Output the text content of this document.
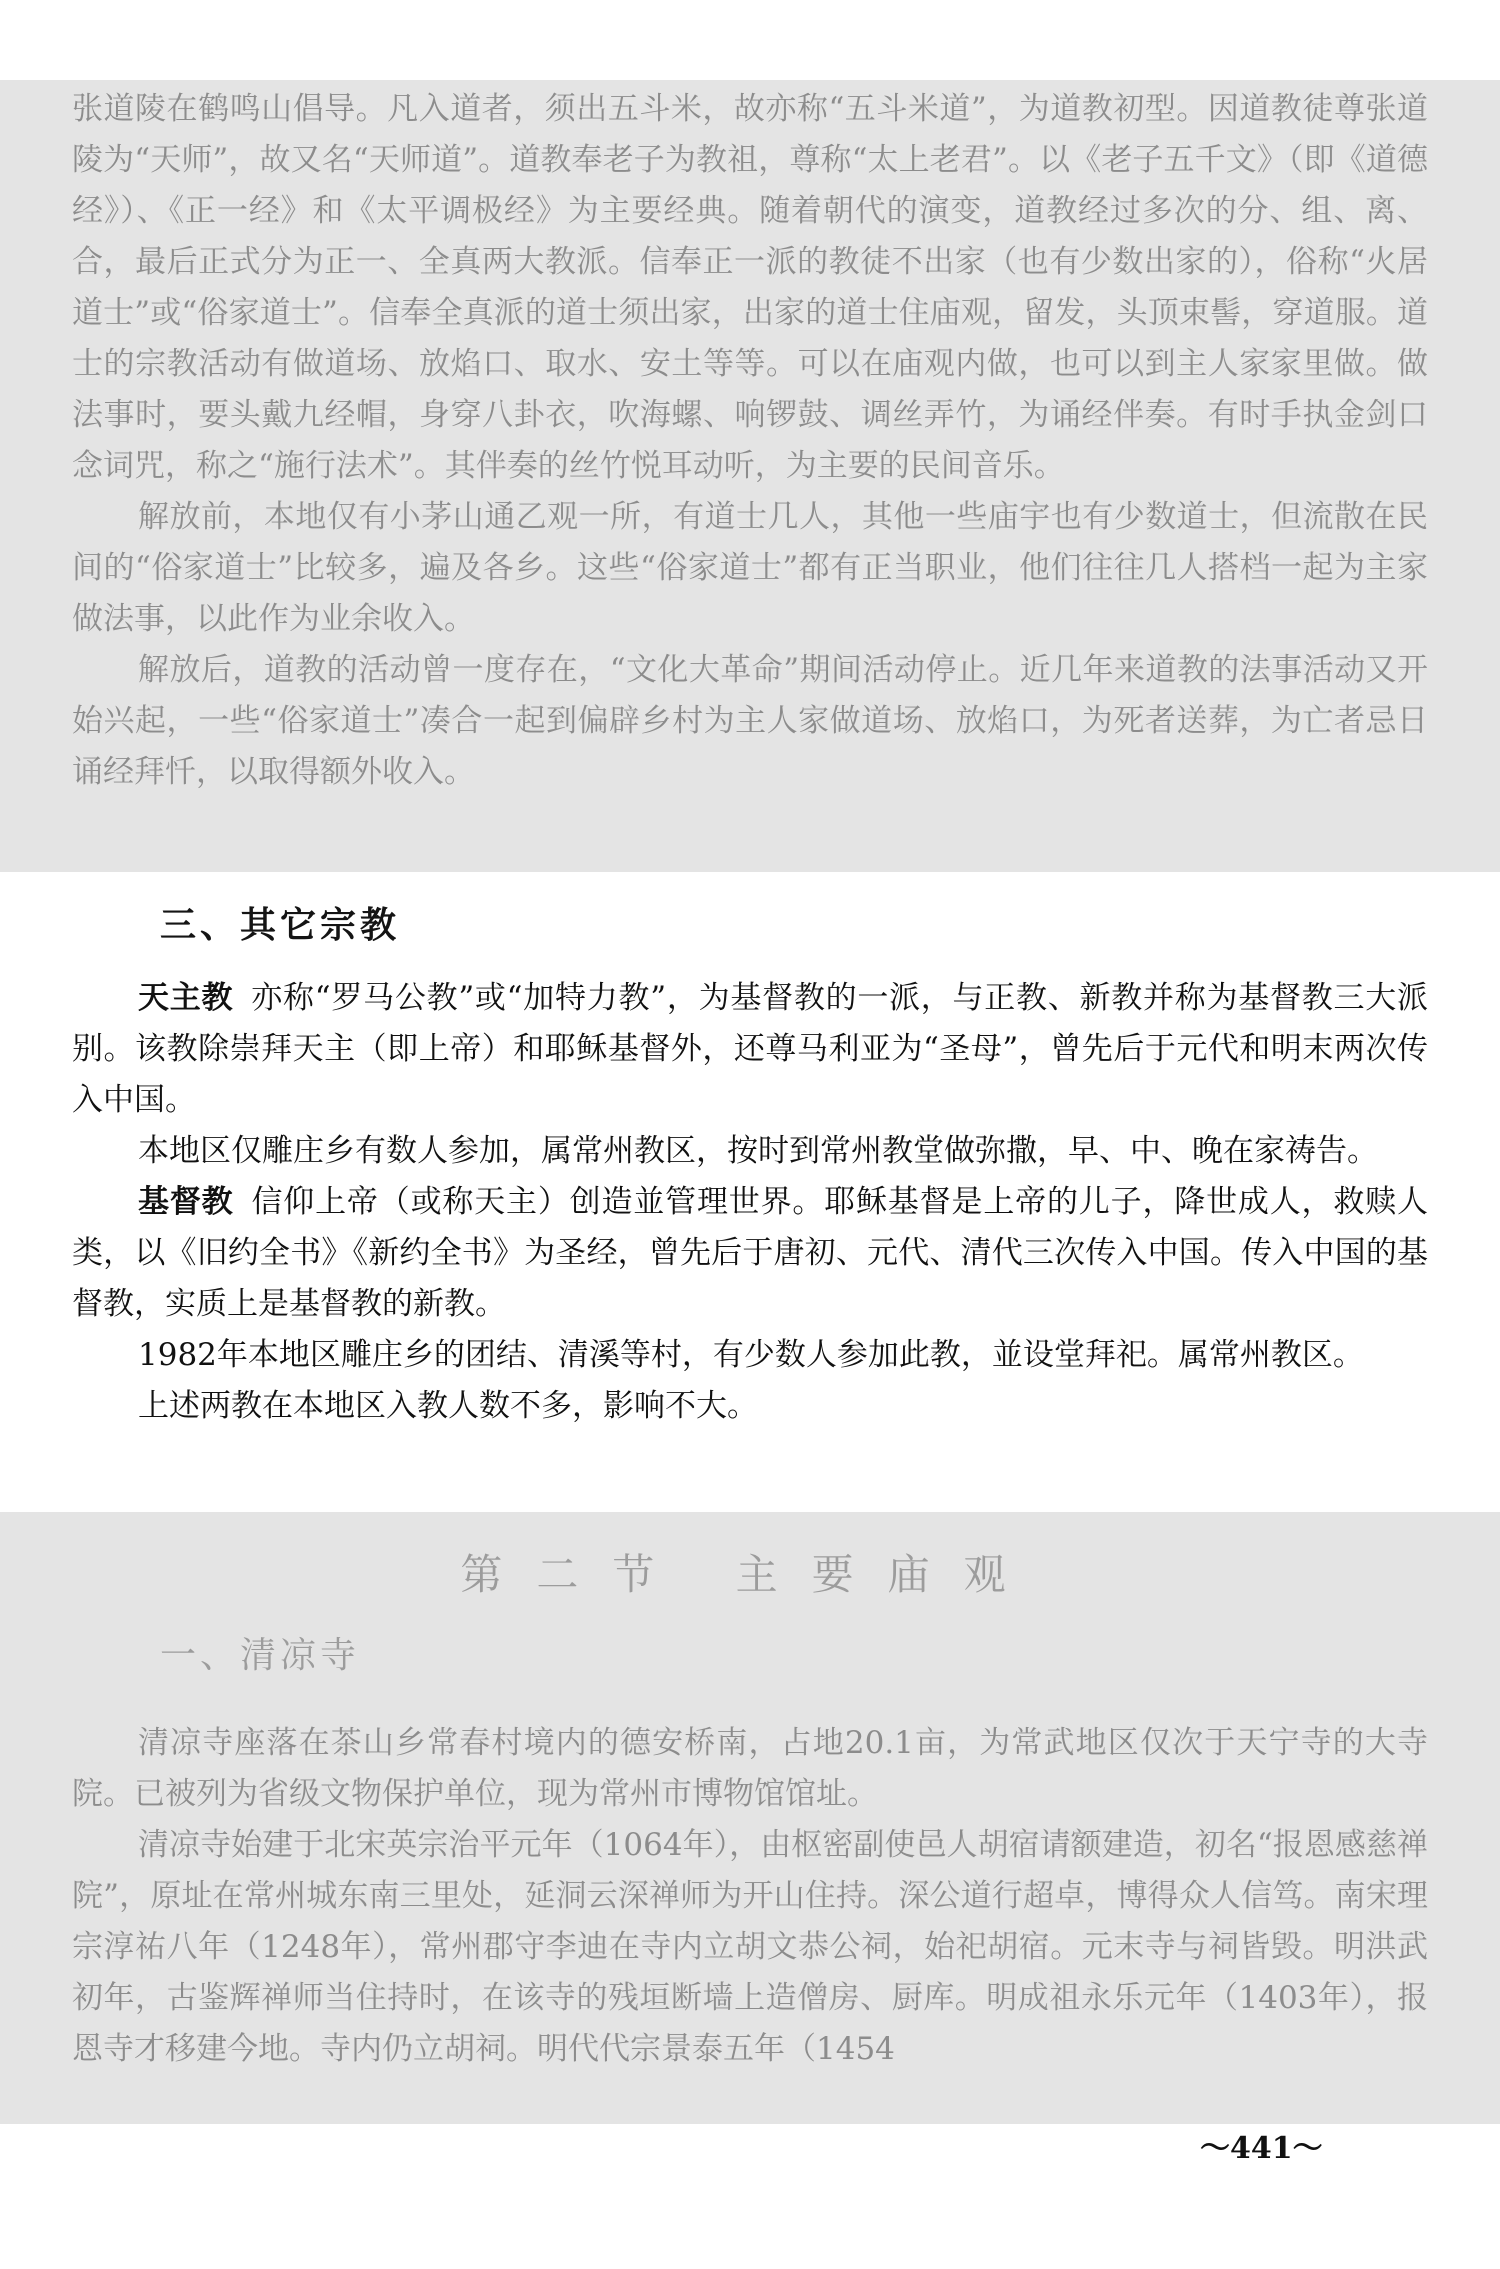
张道陵在鹤鸣山倡导。凡入道者，须出五斗米，故亦称“五斗米道”，为道教初型。因道教徒尊张道陵为“天师”，故又名“天师道”。道教奉老子为教祖，尊称“太上老君”。以《老子五千文》（即《道德经》）、《正一经》和《太平调极经》为主要经典。随着朝代的演变，道教经过多次的分、组、离、合，最后正式分为正一、全真两大教派。信奉正一派的教徒不出家（也有少数出家的），俗称“火居道士”或“俗家道士”。信奉全真派的道士须出家，出家的道士住庙观，留发，头顶束髻，穿道服。道士的宗教活动有做道场、放焰口、取水、安土等等。可以在庙观内做，也可以到主人家家里做。做法事时，要头戴九经帽，身穿八卦衣，吹海螺、响锣鼓、调丝弄竹，为诵经伴奏。有时手执金剑口念词咒，称之“施行法术”。其伴奏的丝竹悦耳动听，为主要的民间音乐。

解放前，本地仅有小茅山通乙观一所，有道士几人，其他一些庙宇也有少数道士，但流散在民间的“俗家道士”比较多，遍及各乡。这些“俗家道士”都有正当职业，他们往往几人搭档一起为主家做法事，以此作为业余收入。

解放后，道教的活动曾一度存在，“文化大革命”期间活动停止。近几年来道教的法事活动又开始兴起，一些“俗家道士”凑合一起到偏辟乡村为主人家做道场、放焰口，为死者送葬，为亡者忌日诵经拜忏，以取得额外收入。

三、其它宗教

天主教 亦称“罗马公教”或“加特力教”，为基督教的一派，与正教、新教并称为基督教三大派别。该教除崇拜天主（即上帝）和耶稣基督外，还尊马利亚为“圣母”，曾先后于元代和明末两次传入中国。

本地区仅雕庄乡有数人参加，属常州教区，按时到常州教堂做弥撒，早、中、晚在家祷告。

基督教 信仰上帝（或称天主）创造並管理世界。耶稣基督是上帝的儿子，降世成人，救赎人类，以《旧约全书》《新约全书》为圣经，曾先后于唐初、元代、清代三次传入中国。传入中国的基督教，实质上是基督教的新教。

1982年本地区雕庄乡的团结、清溪等村，有少数人参加此教，並设堂拜祀。属常州教区。

上述两教在本地区入教人数不多，影响不大。

第二节 主要庙观
一、清凉寺

清凉寺座落在茶山乡常春村境内的德安桥南，占地20.1亩，为常武地区仅次于天宁寺的大寺院。已被列为省级文物保护单位，现为常州市博物馆馆址。

清凉寺始建于北宋英宗治平元年（1064年），由枢密副使邑人胡宿请额建造，初名“报恩感慈禅院”，原址在常州城东南三里处，延洞云深禅师为开山住持。深公道行超卓，博得众人信笃。南宋理宗淳祐八年（1248年），常州郡守李迪在寺内立胡文恭公祠，始祀胡宿。元末寺与祠皆毁。明洪武初年，古鉴辉禅师当住持时，在该寺的残垣断墙上造僧房、厨库。明成祖永乐元年（1403年），报恩寺才移建今地。寺内仍立胡祠。明代代宗景泰五年（1454

～441～
